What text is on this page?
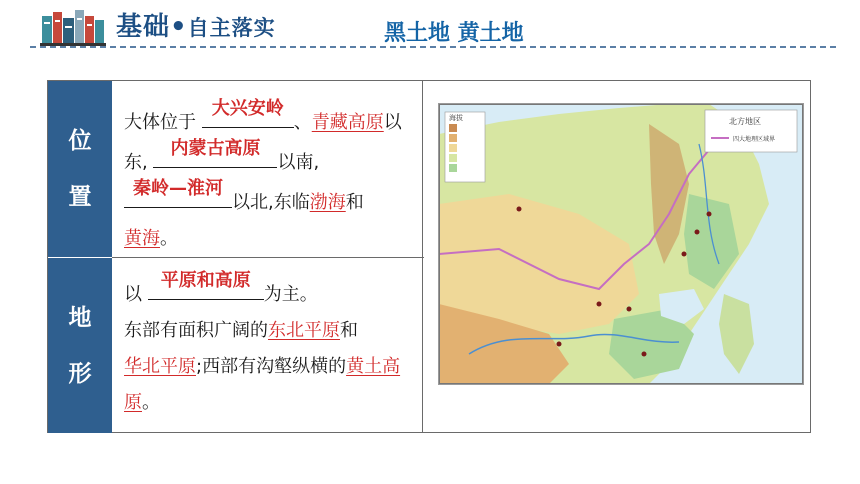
基础•自主落实	黑土地 黄土地
位
置
地
形
大体位于
大兴安岭
、青藏高原以东,
内蒙古高原
以南,

秦岭—淮河
以北,东临渤海和
黄海。
以
平原和高原
为主。
东部有面积广阔的东北平原和
华北平原;西部有沟壑纵横的黄土高原。
海拔	北方地区
四大地理区域界
